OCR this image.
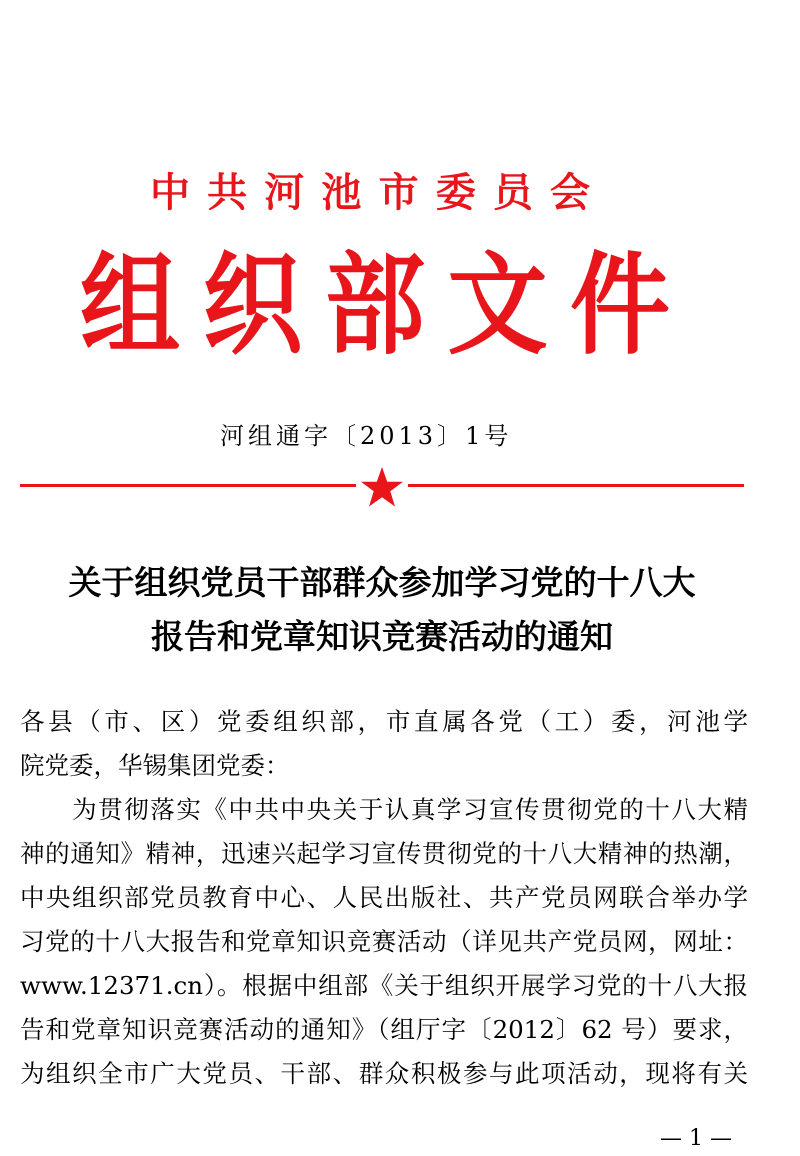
中 共 河 池 市 委 员 会
组 织 部 文 件
河组通字〔2013〕1号
关于组织党员干部群众参加学习党的十八大
报告和党章知识竞赛活动的通知
各县（市、区）党委组织部，市直属各党（工）委，河池学
院党委，华锡集团党委：
　　为贯彻落实《中共中央关于认真学习宣传贯彻党的十八大精
神的通知》精神，迅速兴起学习宣传贯彻党的十八大精神的热潮，
中央组织部党员教育中心、人民出版社、共产党员网联合举办学
习党的十八大报告和党章知识竞赛活动（详见共产党员网，网址：
www.12371.cn）。根据中组部《关于组织开展学习党的十八大报
告和党章知识竞赛活动的通知》（组厅字〔2012〕62 号）要求，
为组织全市广大党员、干部、群众积极参与此项活动，现将有关
— 1 —
